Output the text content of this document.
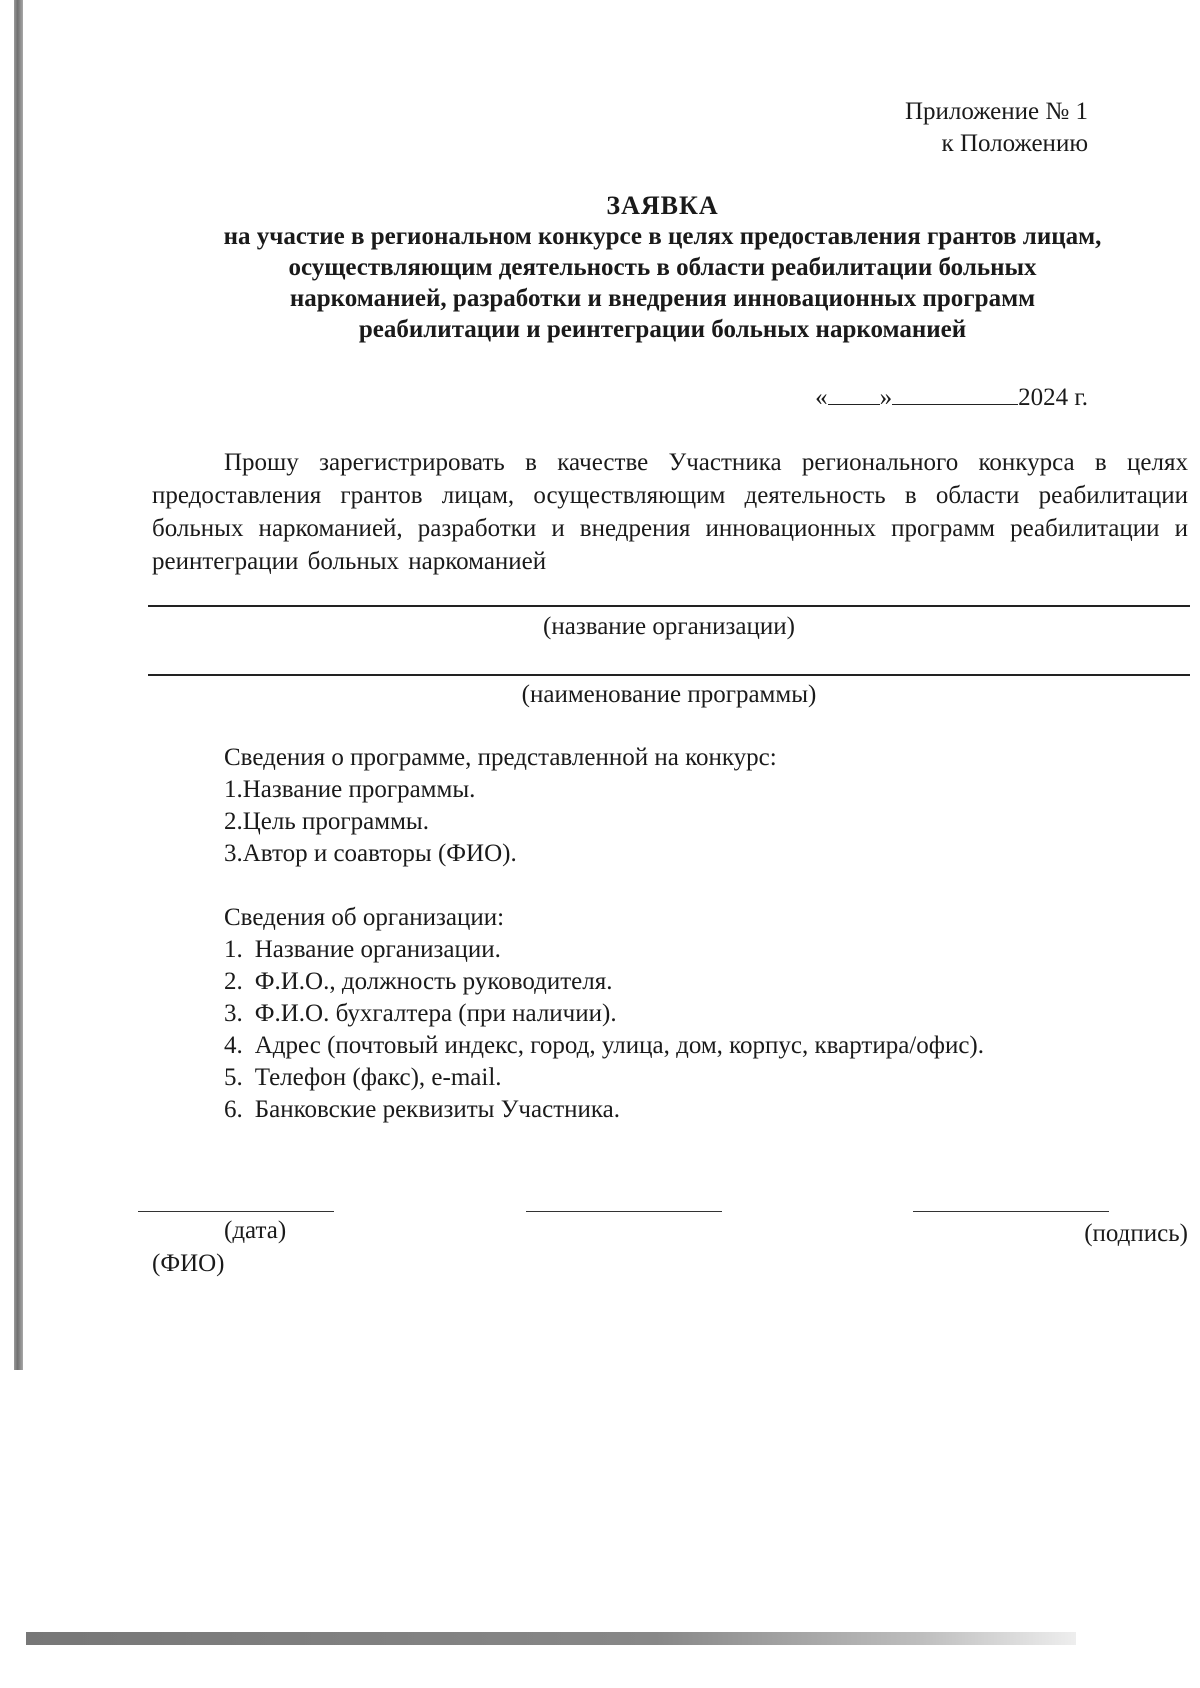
Приложение № 1
к Положению
ЗАЯВКА
на участие в региональном конкурсе в целях предоставления грантов лицам,
осуществляющим деятельность в области реабилитации больных
наркоманией, разработки и внедрения инновационных программ
реабилитации и реинтеграции больных наркоманией
« »	2024 г.
Прошу зарегистрировать в качестве Участника регионального конкурса в целях предоставления грантов лицам, осуществляющим деятельность в области реабилитации больных наркоманией, разработки и внедрения инновационных программ реабилитации и реинтеграции больных наркоманией
(название организации)
(наименование программы)

Сведения о программе, представленной на конкурс:

1.Название программы.
2.Цель программы.
3.Автор и соавторы (ФИО).

Сведения об организации:

1. Название организации.
2. Ф.И.О., должность руководителя.
3. Ф.И.О. бухгалтера (при наличии).
4. Адрес (почтовый индекс, город, улица, дом, корпус, квартира/офис).
5. Телефон (факс), e-mail.
6. Банковские реквизиты Участника.
(дата)
(ФИО)
(подпись)
